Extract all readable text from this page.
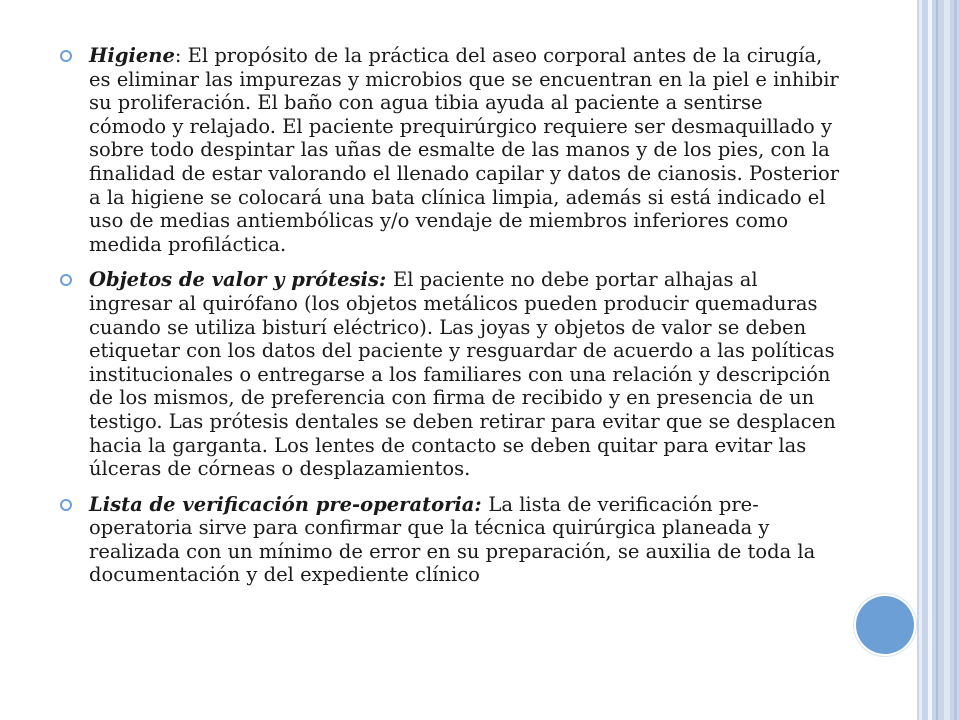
Higiene: El propósito de la práctica del aseo corporal antes de la cirugía, es eliminar las impurezas y microbios que se encuentran en la piel e inhibir su proliferación. El baño con agua tibia ayuda al paciente a sentirse cómodo y relajado. El paciente prequirúrgico requiere ser desmaquillado y sobre todo despintar las uñas de esmalte de las manos y de los pies, con la finalidad de estar valorando el llenado capilar y datos de cianosis. Posterior a la higiene se colocará una bata clínica limpia, además si está indicado el uso de medias antiembólicas y/o vendaje de miembros inferiores como medida profiláctica.
Objetos de valor y prótesis: El paciente no debe portar alhajas al ingresar al quirófano (los objetos metálicos pueden producir quemaduras cuando se utiliza bisturí eléctrico). Las joyas y objetos de valor se deben etiquetar con los datos del paciente y resguardar de acuerdo a las políticas institucionales o entregarse a los familiares con una relación y descripción de los mismos, de preferencia con firma de recibido y en presencia de un testigo. Las prótesis dentales se deben retirar para evitar que se desplacen hacia la garganta. Los lentes de contacto se deben quitar para evitar las úlceras de córneas o desplazamientos.
Lista de verificación pre-operatoria: La lista de verificación pre-operatoria sirve para confirmar que la técnica quirúrgica planeada y realizada con un mínimo de error en su preparación, se auxilia de toda la documentación y del expediente clínico
